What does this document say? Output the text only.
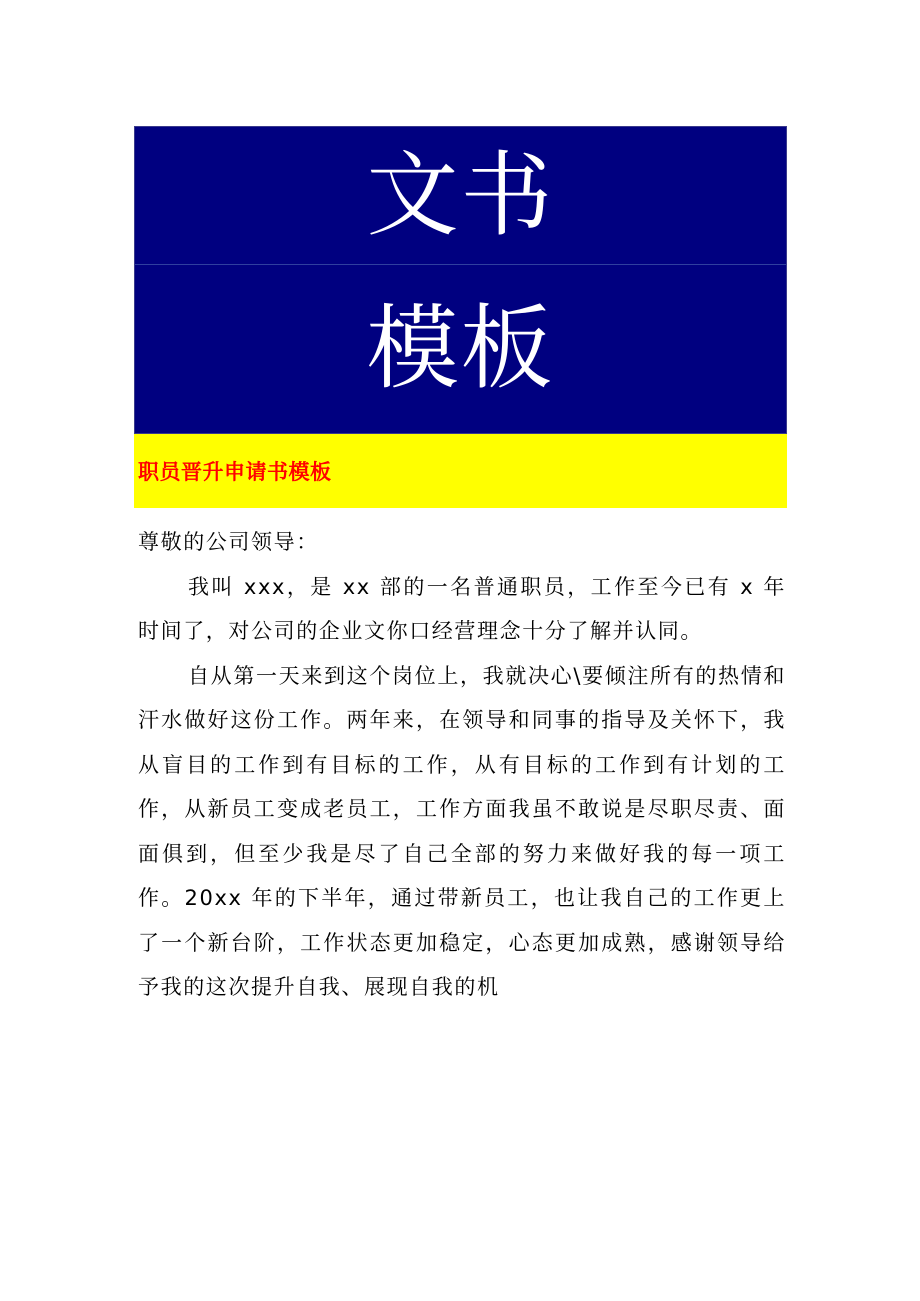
文书
模板
职员晋升申请书模板

尊敬的公司领导：

我叫 xxx，是 xx 部的一名普通职员，工作至今已有 x 年时间了，对公司的企业文你口经营理念十分了解并认同。

自从第一天来到这个岗位上，我就决心\要倾注所有的热情和汗水做好这份工作。两年来，在领导和同事的指导及关怀下，我从盲目的工作到有目标的工作，从有目标的工作到有计划的工作，从新员工变成老员工，工作方面我虽不敢说是尽职尽责、面面俱到，但至少我是尽了自己全部的努力来做好我的每一项工作。20xx 年的下半年，通过带新员工，也让我自己的工作更上了一个新台阶，工作状态更加稳定，心态更加成熟，感谢领导给予我的这次提升自我、展现自我的机
